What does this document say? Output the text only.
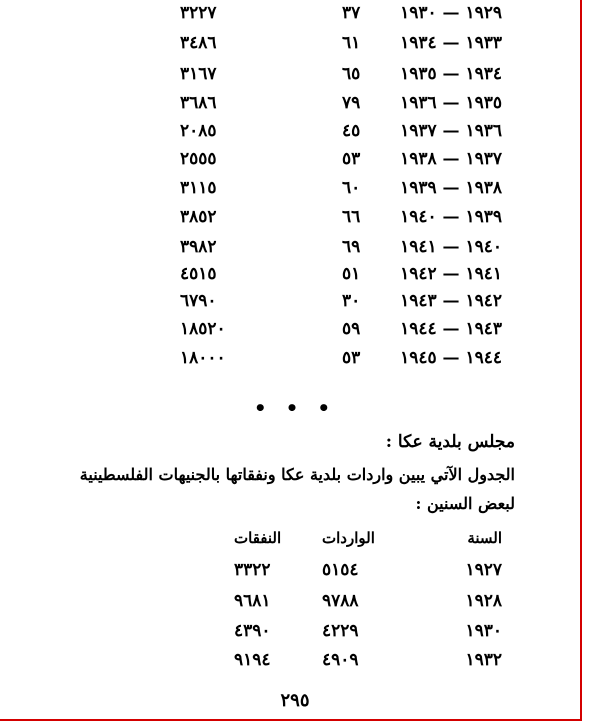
١٩٢٩ — ١٩٣٠
٣٧
٣٢٢٧
١٩٣٣ — ١٩٣٤
٦١
٣٤٨٦
١٩٣٤ — ١٩٣٥
٦٥
٣١٦٧
١٩٣٥ — ١٩٣٦
٧٩
٣٦٨٦
١٩٣٦ — ١٩٣٧
٤٥
٢٠٨٥
١٩٣٧ — ١٩٣٨
٥٣
٢٥٥٥
١٩٣٨ — ١٩٣٩
٦٠
٣١١٥
١٩٣٩ — ١٩٤٠
٦٦
٣٨٥٢
١٩٤٠ — ١٩٤١
٦٩
٣٩٨٢
١٩٤١ — ١٩٤٢
٥١
٤٥١٥
١٩٤٢ — ١٩٤٣
٣٠
٦٧٩٠
١٩٤٣ — ١٩٤٤
٥٩
١٨٥٢٠
١٩٤٤ — ١٩٤٥
٥٣
١٨٠٠٠
• • •
مجلس بلدية عكا :
الجدول الآتي يبين واردات بلدية عكا ونفقاتها بالجنيهات الفلسطينية
لبعض السنين :
السنة
الواردات
النفقات
١٩٢٧
٥١٥٤
٣٣٢٢
١٩٢٨
٩٧٨٨
٩٦٨١
١٩٣٠
٤٢٢٩
٤٣٩٠
١٩٣٢
٤٩٠٩
٩١٩٤
٢٩٥
